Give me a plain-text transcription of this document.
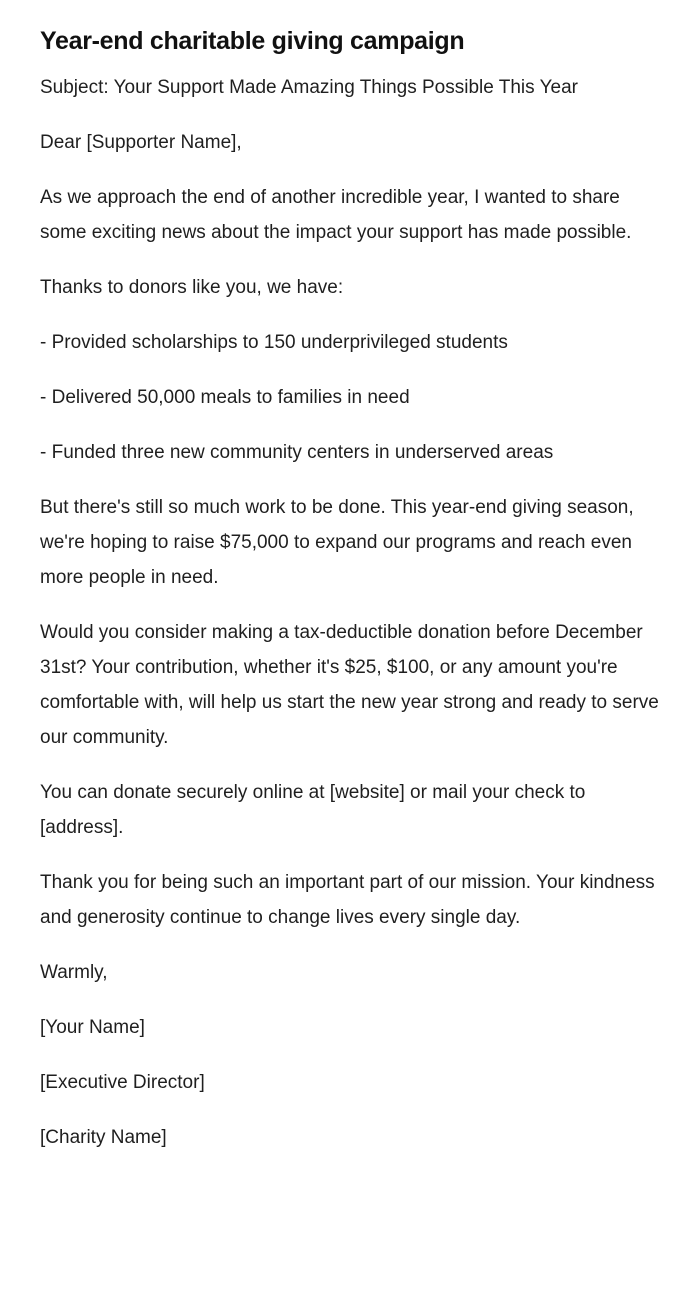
Year-end charitable giving campaign

Subject: Your Support Made Amazing Things Possible This Year

Dear [Supporter Name],

As we approach the end of another incredible year, I wanted to share some exciting news about the impact your support has made possible.

Thanks to donors like you, we have:

- Provided scholarships to 150 underprivileged students

- Delivered 50,000 meals to families in need

- Funded three new community centers in underserved areas

But there's still so much work to be done. This year-end giving season, we're hoping to raise $75,000 to expand our programs and reach even more people in need.

Would you consider making a tax-deductible donation before December 31st? Your contribution, whether it's $25, $100, or any amount you're comfortable with, will help us start the new year strong and ready to serve our community.

You can donate securely online at [website] or mail your check to [address].

Thank you for being such an important part of our mission. Your kindness and generosity continue to change lives every single day.

Warmly,

[Your Name]

[Executive Director]

[Charity Name]
